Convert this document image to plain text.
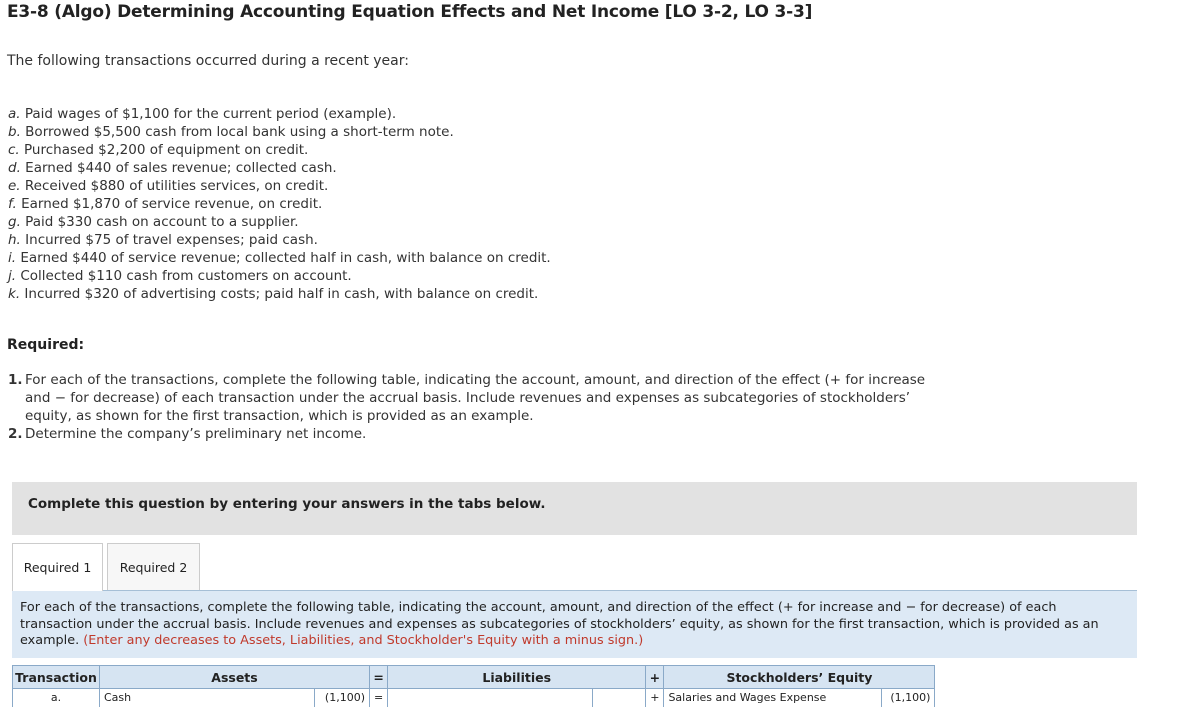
E3-8 (Algo) Determining Accounting Equation Effects and Net Income [LO 3-2, LO 3-3]
The following transactions occurred during a recent year:
a. Paid wages of $1,100 for the current period (example).
b. Borrowed $5,500 cash from local bank using a short-term note.
c. Purchased $2,200 of equipment on credit.
d. Earned $440 of sales revenue; collected cash.
e. Received $880 of utilities services, on credit.
f. Earned $1,870 of service revenue, on credit.
g. Paid $330 cash on account to a supplier.
h. Incurred $75 of travel expenses; paid cash.
i. Earned $440 of service revenue; collected half in cash, with balance on credit.
j. Collected $110 cash from customers on account.
k. Incurred $320 of advertising costs; paid half in cash, with balance on credit.
Required:
1. For each of the transactions, complete the following table, indicating the account, amount, and direction of the effect (+ for increase and − for decrease) of each transaction under the accrual basis. Include revenues and expenses as subcategories of stockholders’ equity, as shown for the first transaction, which is provided as an example.
2. Determine the company’s preliminary net income.
Complete this question by entering your answers in the tabs below.
Required 1	Required 2
For each of the transactions, complete the following table, indicating the account, amount, and direction of the effect (+ for increase and − for decrease) of each transaction under the accrual basis. Include revenues and expenses as subcategories of stockholders’ equity, as shown for the first transaction, which is provided as an example. (Enter any decreases to Assets, Liabilities, and Stockholder's Equity with a minus sign.)
Transaction	Assets		=	Liabilities		+	Stockholders’ Equity	
a.	Cash	(1,100)	=			+	Salaries and Wages Expense	(1,100)
